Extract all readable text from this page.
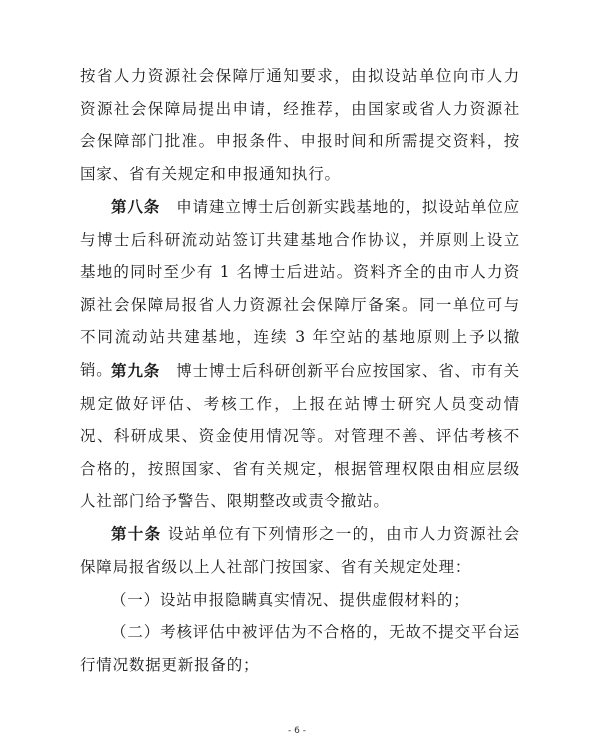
按省人力资源社会保障厅通知要求，由拟设站单位向市人力资源社会保障局提出申请，经推荐，由国家或省人力资源社会保障部门批准。申报条件、申报时间和所需提交资料，按国家、省有关规定和申报通知执行。

第八条 申请建立博士后创新实践基地的，拟设站单位应与博士后科研流动站签订共建基地合作协议，并原则上设立基地的同时至少有 1 名博士后进站。资料齐全的由市人力资源社会保障局报省人力资源社会保障厅备案。同一单位可与不同流动站共建基地，连续 3 年空站的基地原则上予以撤销。

第九条 博士博士后科研创新平台应按国家、省、市有关规定做好评估、考核工作，上报在站博士研究人员变动情况、科研成果、资金使用情况等。对管理不善、评估考核不合格的，按照国家、省有关规定，根据管理权限由相应层级人社部门给予警告、限期整改或责令撤站。

第十条 设站单位有下列情形之一的，由市人力资源社会保障局报省级以上人社部门按国家、省有关规定处理：

（一）设站申报隐瞒真实情况、提供虚假材料的；

（二）考核评估中被评估为不合格的，无故不提交平台运行情况数据更新报备的；

- 6 -
